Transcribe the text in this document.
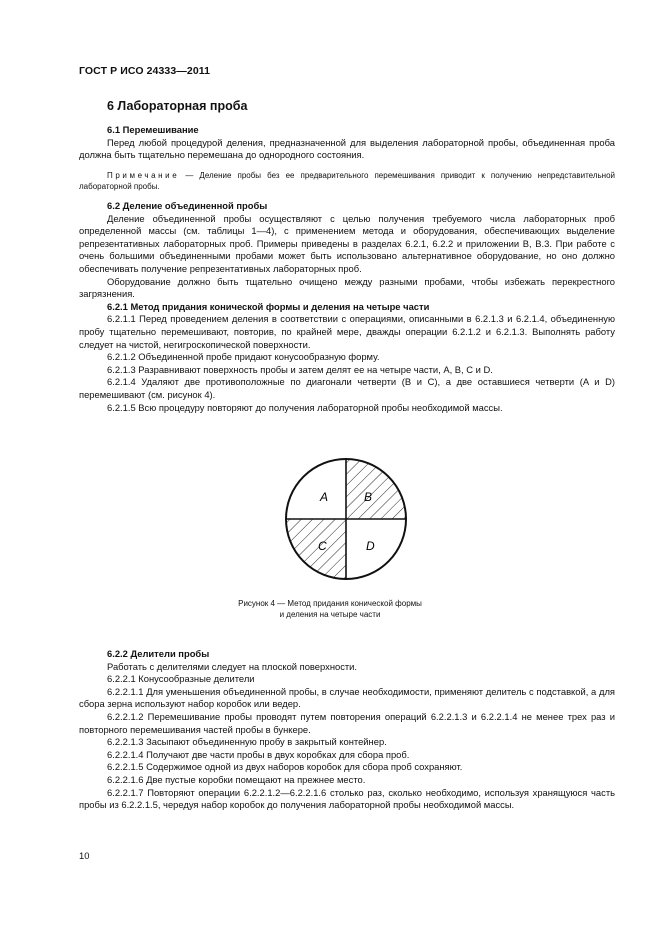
ГОСТ Р ИСО 24333—2011
6 Лабораторная проба

6.1 Перемешивание

Перед любой процедурой деления, предназначенной для выделения лабораторной пробы, объединенная проба должна быть тщательно перемешана до однородного состояния.

Примечание — Деление пробы без ее предварительного перемешивания приводит к получению непредставительной лабораторной пробы.

6.2 Деление объединенной пробы

Деление объединенной пробы осуществляют с целью получения требуемого числа лабораторных проб определенной массы (см. таблицы 1—4), с применением метода и оборудования, обеспечивающих выделение репрезентативных лабораторных проб. Примеры приведены в разделах 6.2.1, 6.2.2 и приложении В, В.3. При работе с очень большими объединенными пробами может быть использовано альтернативное оборудование, но оно должно обеспечивать получение репрезентативных лабораторных проб.

Оборудование должно быть тщательно очищено между разными пробами, чтобы избежать перекрестного загрязнения.

6.2.1 Метод придания конической формы и деления на четыре части

6.2.1.1 Перед проведением деления в соответствии с операциями, описанными в 6.2.1.3 и 6.2.1.4, объединенную пробу тщательно перемешивают, повторив, по крайней мере, дважды операции 6.2.1.2 и 6.2.1.3. Выполнять работу следует на чистой, негигроскопической поверхности.

6.2.1.2 Объединенной пробе придают конусообразную форму.

6.2.1.3 Разравнивают поверхность пробы и затем делят ее на четыре части, A, B, C и D.

6.2.1.4 Удаляют две противоположные по диагонали четверти (B и C), а две оставшиеся четверти (A и D) перемешивают (см. рисунок 4).

6.2.1.5 Всю процедуру повторяют до получения лабораторной пробы необходимой массы.

A	B
C	D

Рисунок 4 — Метод придания конической формы

и деления на четыре части

6.2.2 Делители пробы

Работать с делителями следует на плоской поверхности.

6.2.2.1 Конусообразные делители

6.2.2.1.1 Для уменьшения объединенной пробы, в случае необходимости, применяют делитель с подставкой, а для сбора зерна используют набор коробок или ведер.

6.2.2.1.2 Перемешивание пробы проводят путем повторения операций 6.2.2.1.3 и 6.2.2.1.4 не менее трех раз и повторного перемешивания частей пробы в бункере.

6.2.2.1.3 Засыпают объединенную пробу в закрытый контейнер.

6.2.2.1.4 Получают две части пробы в двух коробках для сбора проб.

6.2.2.1.5 Содержимое одной из двух наборов коробок для сбора проб сохраняют.

6.2.2.1.6 Две пустые коробки помещают на прежнее место.

6.2.2.1.7 Повторяют операции 6.2.2.1.2—6.2.2.1.6 столько раз, сколько необходимо, используя хранящуюся часть пробы из 6.2.2.1.5, чередуя набор коробок до получения лабораторной пробы необходимой массы.

10
